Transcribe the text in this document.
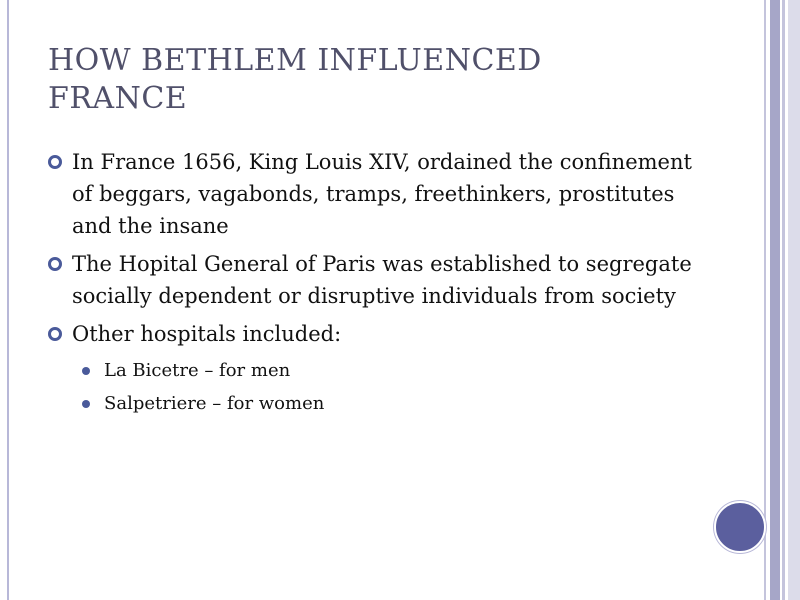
HOW BETHLEM INFLUENCED FRANCE
In France 1656, King Louis XIV, ordained the confinement of beggars, vagabonds, tramps, freethinkers, prostitutes and the insane
The Hopital General of Paris was established to segregate socially dependent or disruptive individuals from society
Other hospitals included:
La Bicetre – for men
Salpetriere – for women
